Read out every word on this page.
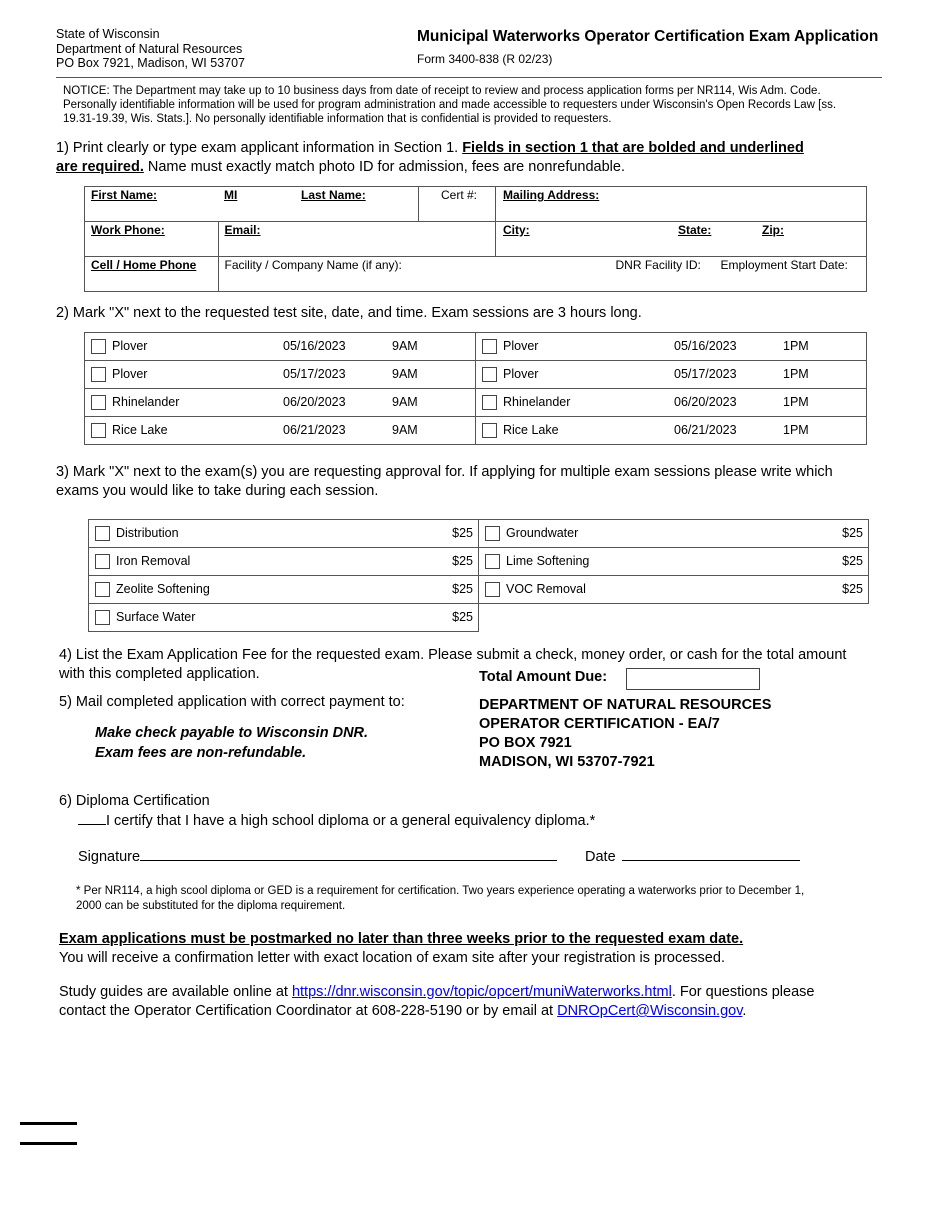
State of Wisconsin
Department of Natural Resources
PO Box 7921, Madison, WI 53707
Municipal Waterworks Operator Certification Exam Application
Form 3400-838 (R 02/23)
NOTICE: The Department may take up to 10 business days from date of receipt to review and process application forms per NR114, Wis Adm. Code. Personally identifiable information will be used for program administration and made accessible to requesters under Wisconsin's Open Records Law [ss. 19.31-19.39, Wis. Stats.]. No personally identifiable information that is confidential is provided to requesters.
1) Print clearly or type exam applicant information in Section 1. Fields in section 1 that are bolded and underlined are required. Name must exactly match photo ID for admission, fees are nonrefundable.
First Name:	MI Last Name:	Cert #:	Mailing Address:

Work Phone:	Email:		City: State: Zip:

Cell / Home Phone	Facility / Company Name (if any): DNR Facility ID: Employment Start Date:		
2) Mark "X" next to the requested test site, date, and time. Exam sessions are 3 hours long.
Plover 05/16/2023 9AM	Plover 05/16/2023 1PM

Plover 05/17/2023 9AM	Plover 05/17/2023 1PM

Rhinelander 06/20/2023 9AM	Rhinelander 06/20/2023 1PM

Rice Lake 06/21/2023 9AM	Rice Lake 06/21/2023 1PM
3) Mark "X" next to the exam(s) you are requesting approval for. If applying for multiple exam sessions please write which exams you would like to take during each session.
Distribution $25	Groundwater $25

Iron Removal $25	Lime Softening $25

Zeolite Softening $25	VOC Removal $25

Surface Water $25	

4) List the Exam Application Fee for the requested exam. Please submit a check, money order, or cash for the total amount with this completed application.	Total Amount Due:
5) Mail completed application with correct payment to:
Make check payable to Wisconsin DNR.
Exam fees are non-refundable.
DEPARTMENT OF NATURAL RESOURCES
OPERATOR CERTIFICATION - EA/7
PO BOX 7921
MADISON, WI 53707-7921
6) Diploma Certification
I certify that I have a high school diploma or a general equivalency diploma.*
Signature	Date
* Per NR114, a high scool diploma or GED is a requirement for certification. Two years experience operating a waterworks prior to December 1, 2000 can be substituted for the diploma requirement.
Exam applications must be postmarked no later than three weeks prior to the requested exam date.
You will receive a confirmation letter with exact location of exam site after your registration is processed.
Study guides are available online at https://dnr.wisconsin.gov/topic/opcert/muniWaterworks.html. For questions please contact the Operator Certification Coordinator at 608-228-5190 or by email at DNROpCert@Wisconsin.gov.
